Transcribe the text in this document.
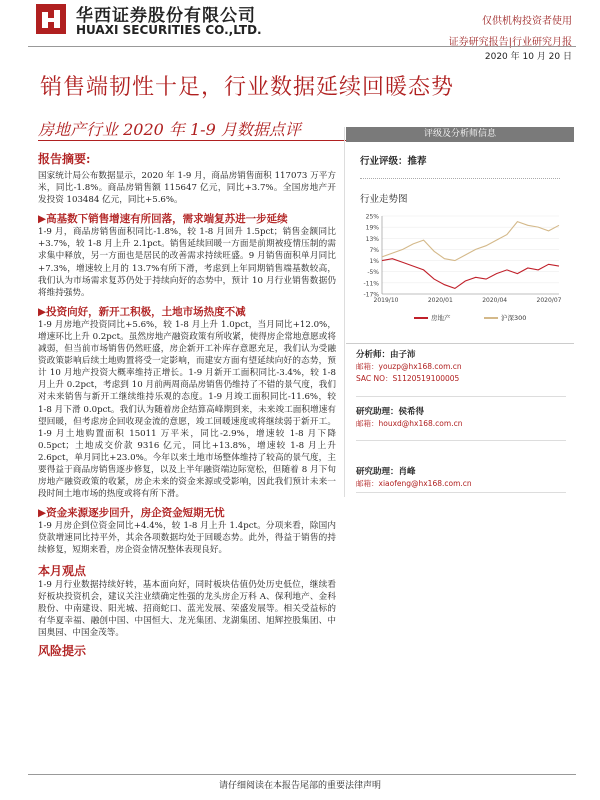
华西证券股份有限公司
HUAXI SECURITIES CO.,LTD.
仅供机构投资者使用
证券研究报告|行业研究月报
2020 年 10 月 20 日
销售端韧性十足，行业数据延续回暖态势
房地产行业 2020 年 1-9 月数据点评

报告摘要:

国家统计局公布数据显示，2020 年 1-9 月，商品房销售面积 117073 万平方米，同比-1.8%。商品房销售额 115647 亿元，同比+3.7%。全国房地产开发投资 103484 亿元，同比+5.6%。

▶高基数下销售增速有所回落，需求端复苏进一步延续

1-9 月，商品房销售面积同比-1.8%，较 1-8 月回升 1.5pct；销售金额同比+3.7%，较 1-8 月上升 2.1pct。销售延续回暖一方面是前期被疫情压制的需求集中释放，另一方面也是居民的改善需求持续旺盛。9 月销售面积单月同比+7.3%，增速较上月的 13.7%有所下滑，考虑到上年同期销售端基数较高，我们认为市场需求复苏仍处于持续向好的态势中，预计 10 月行业销售数据仍将维持强势。

▶投资向好，新开工积极，土地市场热度不减

1-9 月房地产投资同比+5.6%，较 1-8 月上升 1.0pct，当月同比+12.0%，增速环比上升 0.2pct。虽然房地产融资政策有所收紧，使得房企常地意愿或将减弱，但当前市场销售仍然旺盛，房企新开工补库存意愿充足，我们认为受融资政策影响后续土地购置将受一定影响，而建安方面有望延续向好的态势，预计 10 月地产投资大概率维持正增长。1-9 月新开工面积同比-3.4%，较 1-8 月上升 0.2pct，考虑到 10 月前两周商品房销售仍维持了不错的景气度，我们对未来销售与新开工继续维持乐观的态度。1-9 月竣工面积同比-11.6%，较 1-8 月下滑 0.0pct。我们认为随着房企结算高峰期到来，未来竣工面积增速有望回暖，但考虑房企回收现金流的意愿，竣工回暖速度或将继续弱于新开工。1-9 月土地购置面积 15011 万平米，同比-2.9%，增速较 1-8 月下降 0.5pct；土地成交价款 9316 亿元，同比+13.8%，增速较 1-8 月上升 2.6pct，单月同比+23.0%。今年以来土地市场整体维持了较高的景气度，主要得益于商品房销售逐步修复，以及上半年融资端边际宽松，但随着 8 月下旬房地产融资政策的收紧，房企未来的资金来源或受影响，因此我们预计未来一段时间土地市场的热度或将有所下滑。

▶资金来源逐步回升，房企资金短期无忧

1-9 月房企到位资金同比+4.4%，较 1-8 月上升 1.4pct。分项来看，除国内贷款增速同比持平外，其余各项数据均处于回暖态势。此外，得益于销售的持续修复，短期来看，房企资金情况整体表现良好。

本月观点

1-9 月行业数据持续好转，基本面向好，同时板块估值仍处历史低位，继续看好板块投资机会，建议关注业绩确定性强的龙头房企万科 A、保利地产、金科股份、中南建设、阳光城、招商蛇口、蓝光发展、荣盛发展等。相关受益标的有华夏幸福、融创中国、中国恒大、龙光集团、龙湖集团、旭辉控股集团、中国奥园、中国金茂等。

风险提示

评级及分析师信息
行业评级：推荐
行业走势图
25%
19%
13%
7%
1%
-5%
-11%
-17%
2019/10	2020/01	2020/04	2020/07
房地产	沪深300
分析师：由子沛
邮箱：youzp@hx168.com.cn
SAC NO：S1120519100005
研究助理：侯希得
邮箱：houxd@hx168.com.cn
研究助理：肖峰
邮箱：xiaofeng@hx168.com.cn
请仔细阅读在本报告尾部的重要法律声明
